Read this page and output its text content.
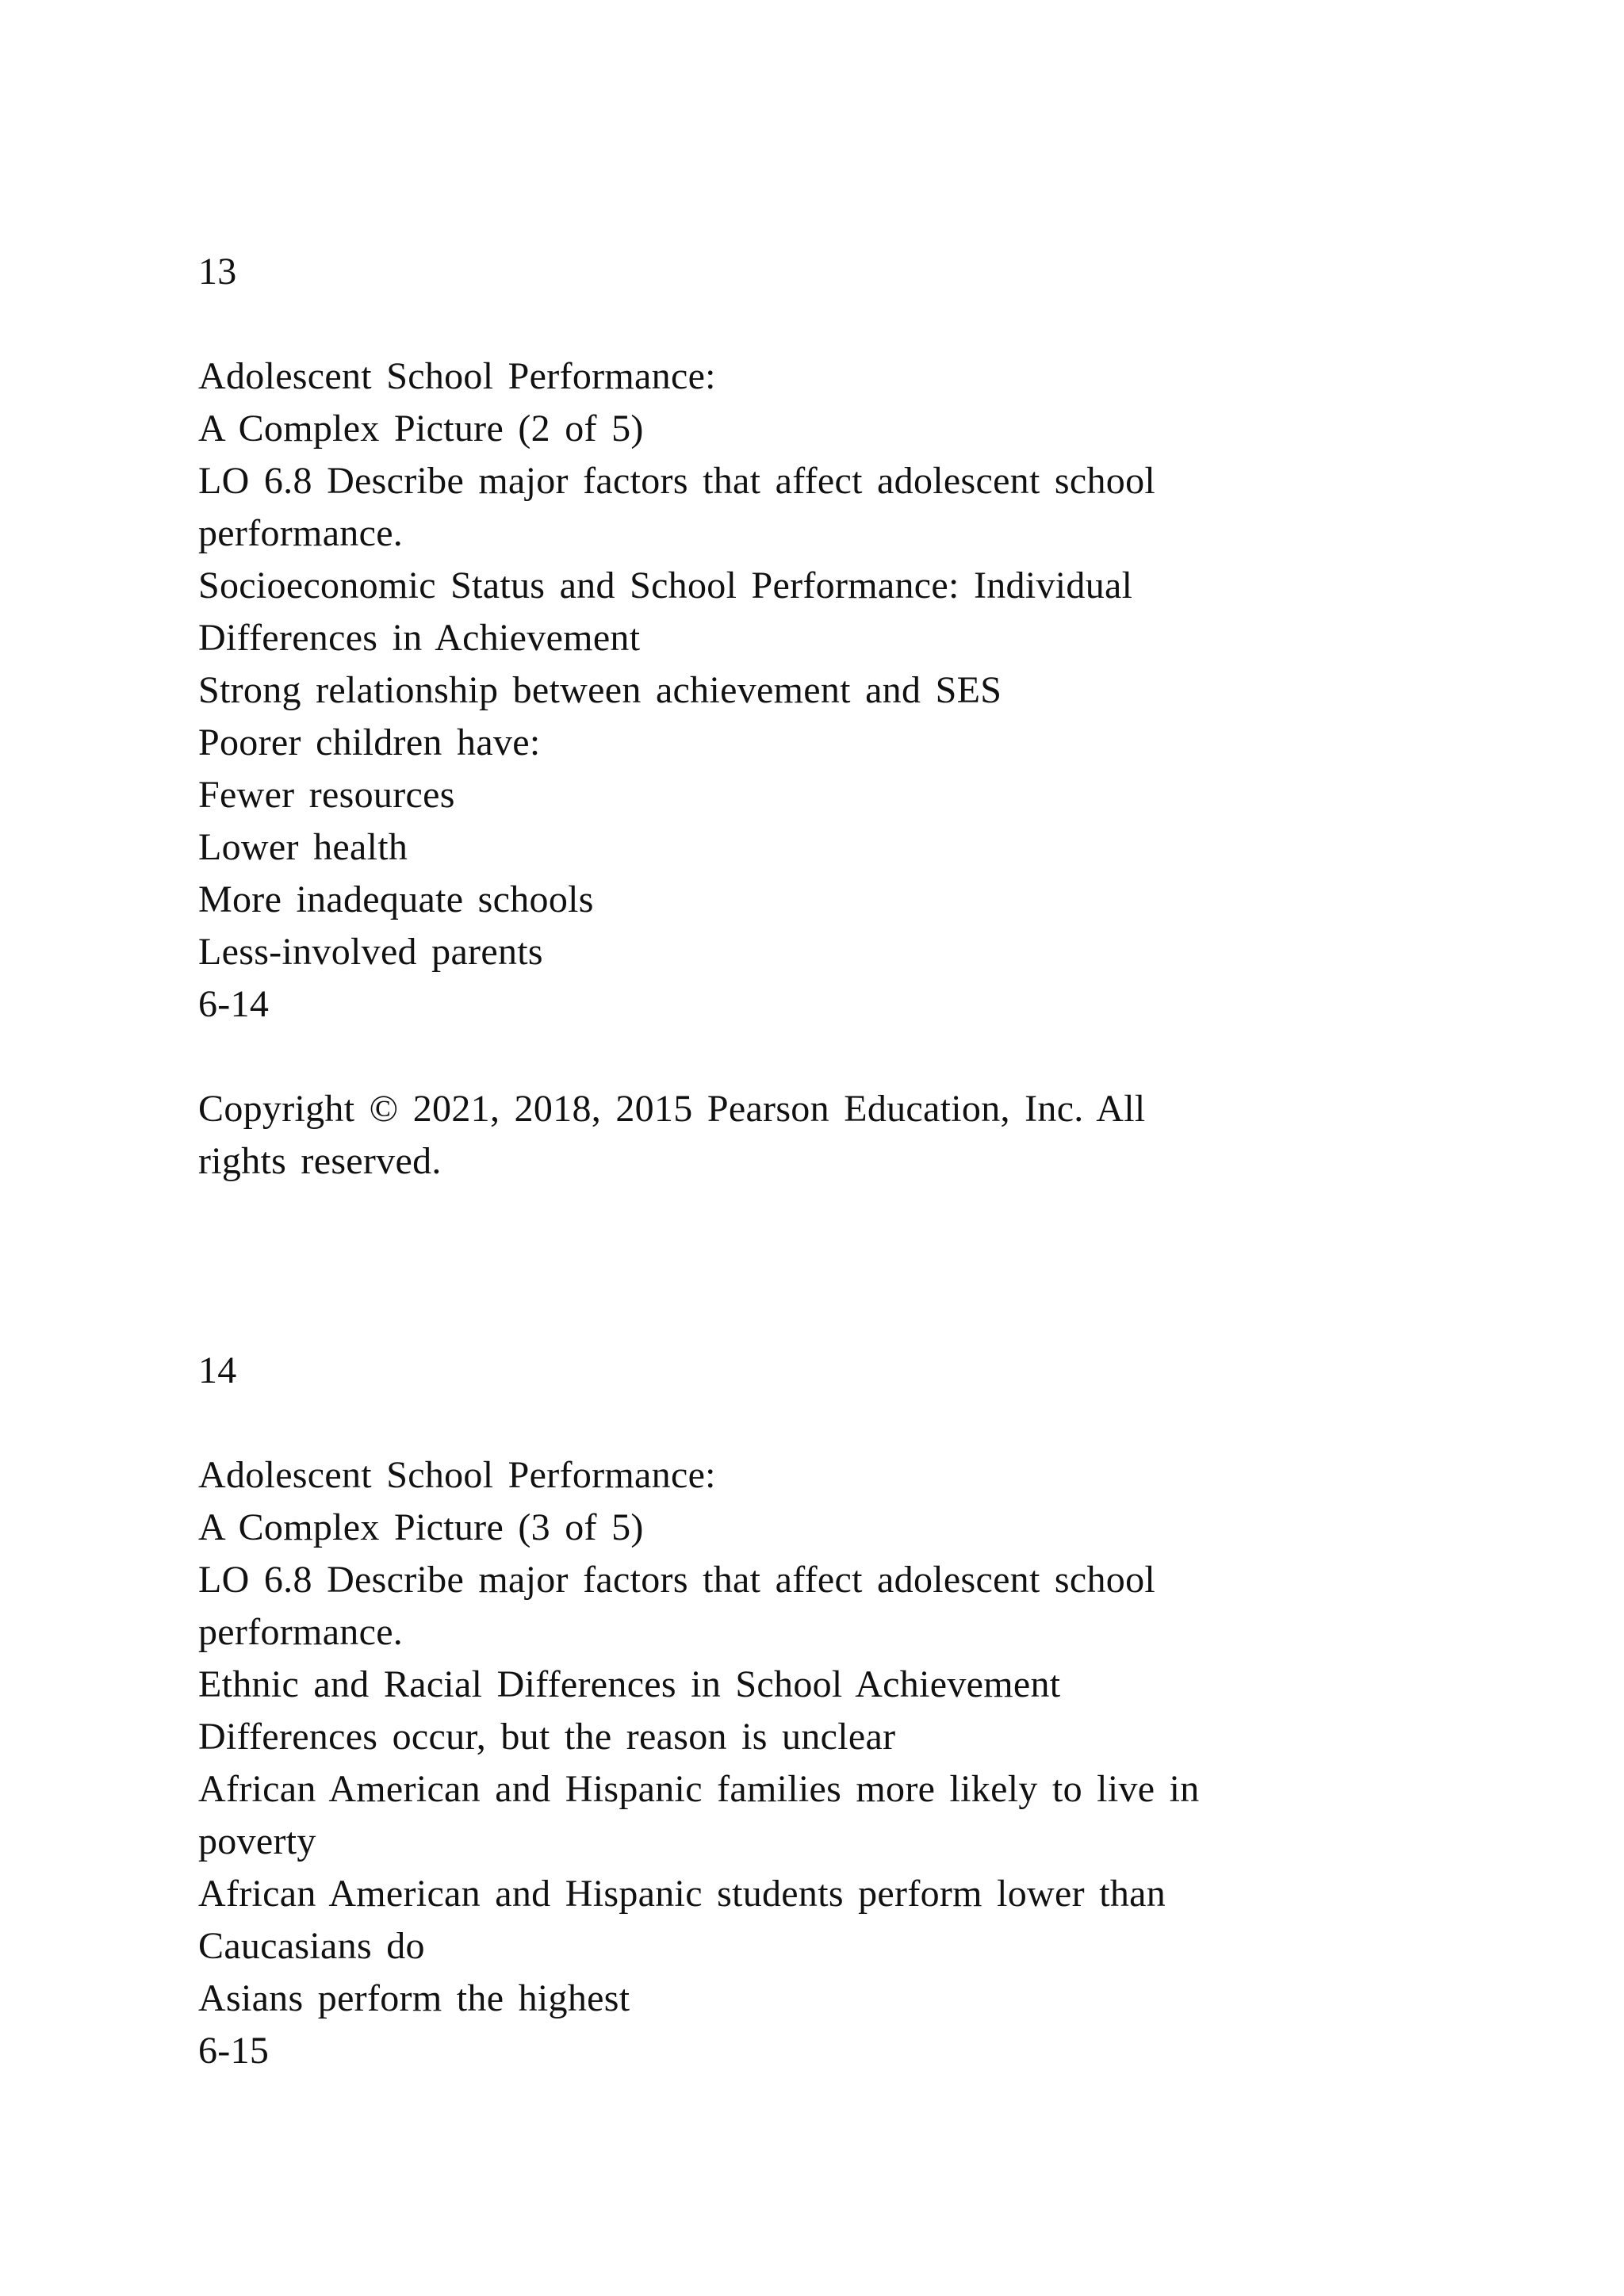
13
Adolescent School Performance:
A Complex Picture (2 of 5)
LO 6.8 Describe major factors that affect adolescent school
performance.
Socioeconomic Status and School Performance: Individual
Differences in Achievement
Strong relationship between achievement and SES
Poorer children have:
Fewer resources
Lower health
More inadequate schools
Less-involved parents
6-14
Copyright © 2021, 2018, 2015 Pearson Education, Inc. All
rights reserved.
14
Adolescent School Performance:
A Complex Picture (3 of 5)
LO 6.8 Describe major factors that affect adolescent school
performance.
Ethnic and Racial Differences in School Achievement
Differences occur, but the reason is unclear
African American and Hispanic families more likely to live in
poverty
African American and Hispanic students perform lower than
Caucasians do
Asians perform the highest
6-15
